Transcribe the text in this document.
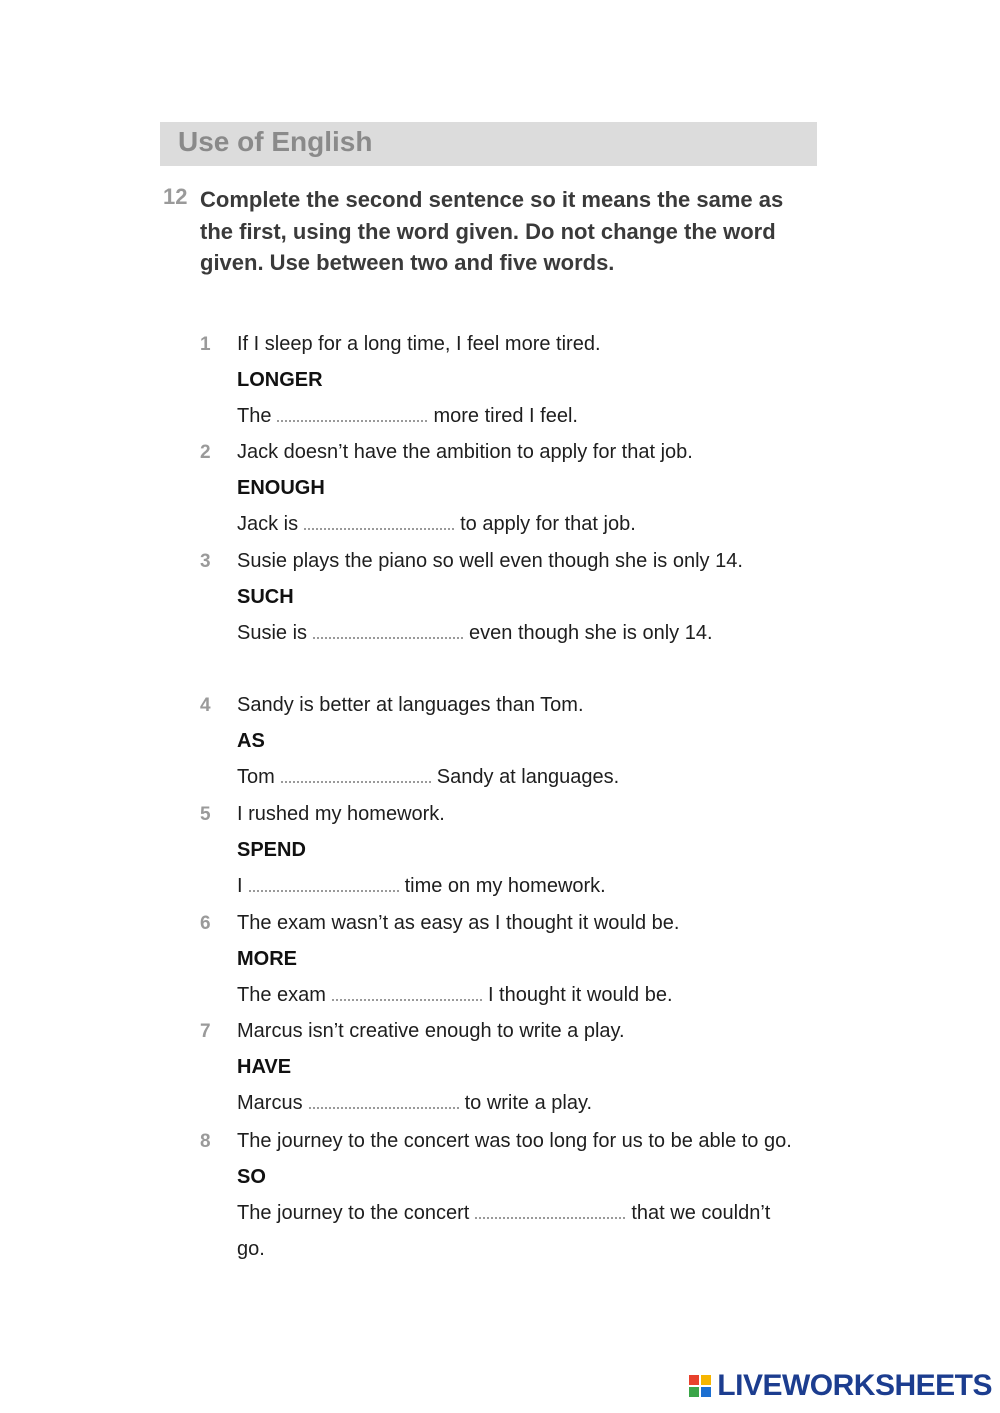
Use of English
12 Complete the second sentence so it means the same as the first, using the word given. Do not change the word given. Use between two and five words.
1 If I sleep for a long time, I feel more tired.
LONGER
The	more tired I feel.
2 Jack doesn’t have the ambition to apply for that job.
ENOUGH
Jack is	to apply for that job.
3 Susie plays the piano so well even though she is only 14.
SUCH
Susie is	even though she is only 14.
4 Sandy is better at languages than Tom.
AS
Tom	Sandy at languages.
5 I rushed my homework.
SPEND
I	time on my homework.
6 The exam wasn’t as easy as I thought it would be.
MORE
The exam	I thought it would be.
7 Marcus isn’t creative enough to write a play.
HAVE
Marcus	to write a play.
8 The journey to the concert was too long for us to be able to go.
SO
The journey to the concert	that we couldn’t go.
LIVEWORKSHEETS
